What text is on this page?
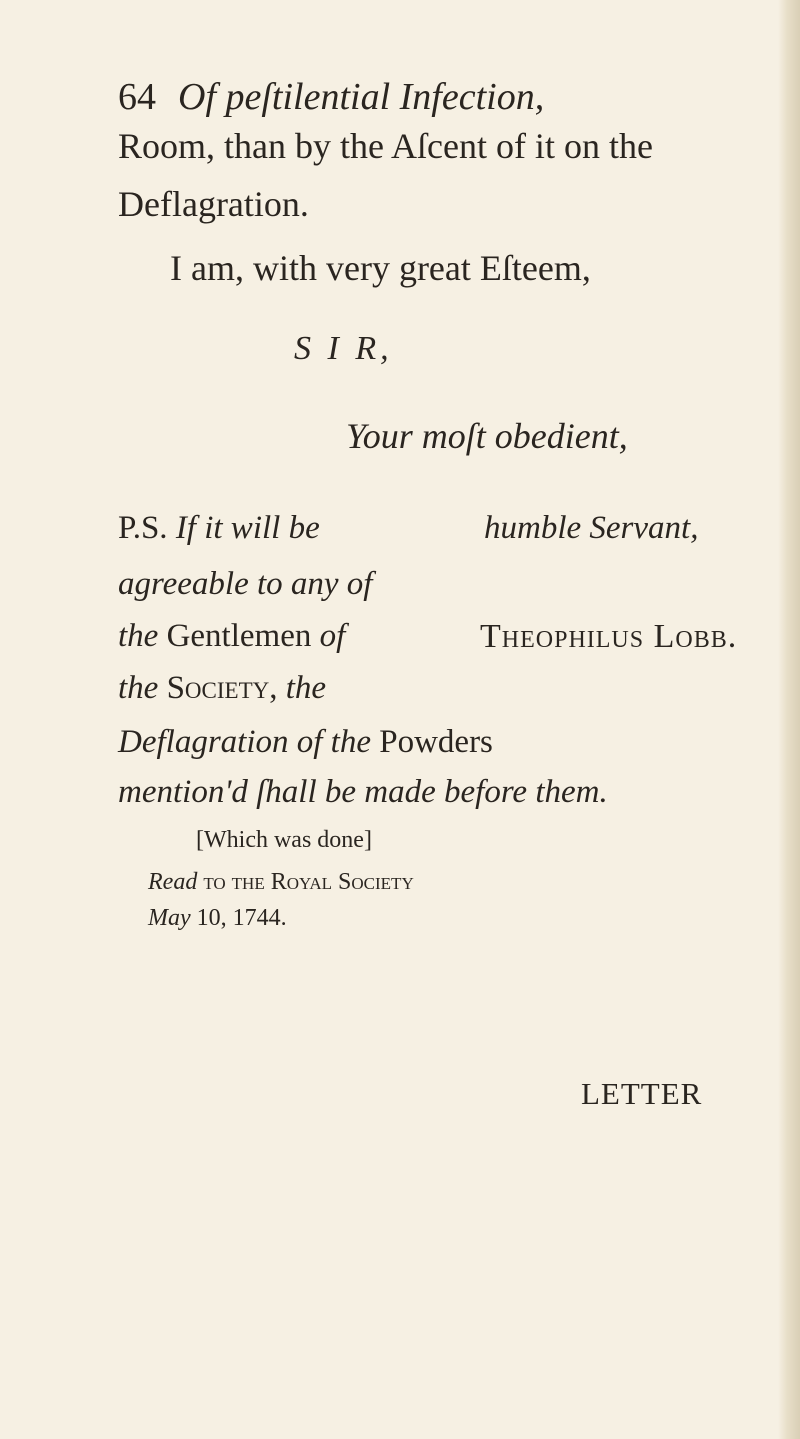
64 Of peſtilential Infection,

Room, than by the Aſcent of it on the

Deflagration.

I am, with very great Eſteem,

S I R,

Your moſt obedient,

P.S. If it will be

agreeable to any of

the Gentlemen of

the Society, the

Deflagration of the Powders

mention'd ſhall be made before them.

humble Servant,

Theophilus Lobb.

[Which was done]

Read to the Royal Society

May 10, 1744.

LETTER
